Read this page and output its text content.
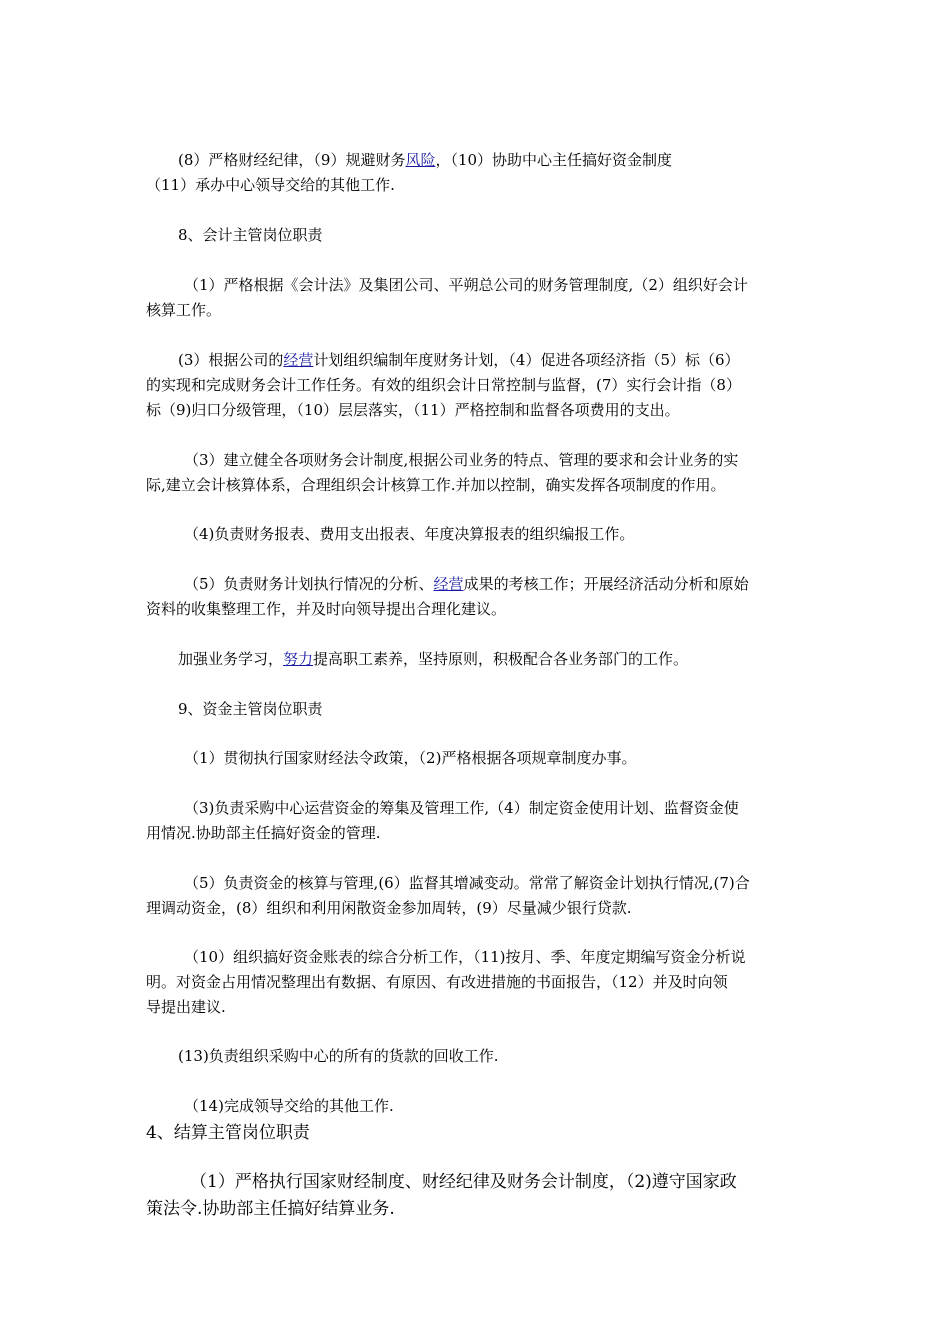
(8）严格财经纪律，（9）规避财务风险，（10）协助中心主任搞好资金制度
（11）承办中心领导交给的其他工作.
8、会计主管岗位职责
（1）严格根据《会计法》及集团公司、平朔总公司的财务管理制度,（2）组织好会计
核算工作。
(3）根据公司的经营计划组织编制年度财务计划，（4）促进各项经济指（5）标（6）
的实现和完成财务会计工作任务。有效的组织会计日常控制与监督，(7）实行会计指（8）
标（9)归口分级管理，（10）层层落实，（11）严格控制和监督各项费用的支出。
（3）建立健全各项财务会计制度,根据公司业务的特点、管理的要求和会计业务的实
际,建立会计核算体系，合理组织会计核算工作.并加以控制，确实发挥各项制度的作用。
（4)负责财务报表、费用支出报表、年度决算报表的组织编报工作。
（5）负责财务计划执行情况的分析、经营成果的考核工作；开展经济活动分析和原始
资料的收集整理工作，并及时向领导提出合理化建议。
加强业务学习，努力提高职工素养，坚持原则，积极配合各业务部门的工作。
9、资金主管岗位职责
（1）贯彻执行国家财经法令政策，（2)严格根据各项规章制度办事。
（3)负责采购中心运营资金的筹集及管理工作,（4）制定资金使用计划、监督资金使
用情况.协助部主任搞好资金的管理.
（5）负责资金的核算与管理,(6）监督其增减变动。常常了解资金计划执行情况,(7)合
理调动资金，(8）组织和利用闲散资金参加周转，(9）尽量减少银行贷款.
（10）组织搞好资金账表的综合分析工作，（11)按月、季、年度定期编写资金分析说
明。对资金占用情况整理出有数据、有原因、有改进措施的书面报告，（12）并及时向领
导提出建议.
(13)负责组织采购中心的所有的货款的回收工作.
（14)完成领导交给的其他工作.
4、结算主管岗位职责
（1）严格执行国家财经制度、财经纪律及财务会计制度，（2)遵守国家政
策法令.协助部主任搞好结算业务.
